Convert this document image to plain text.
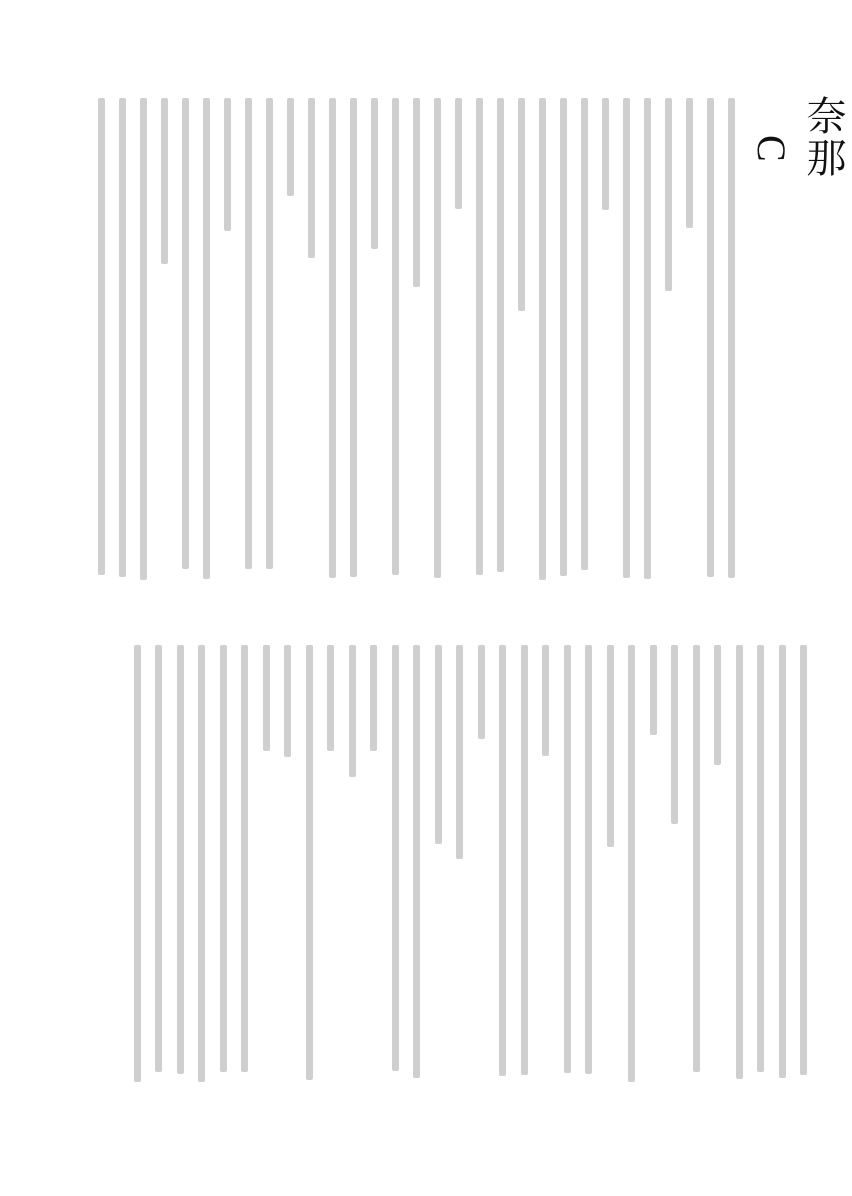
奈那
C
